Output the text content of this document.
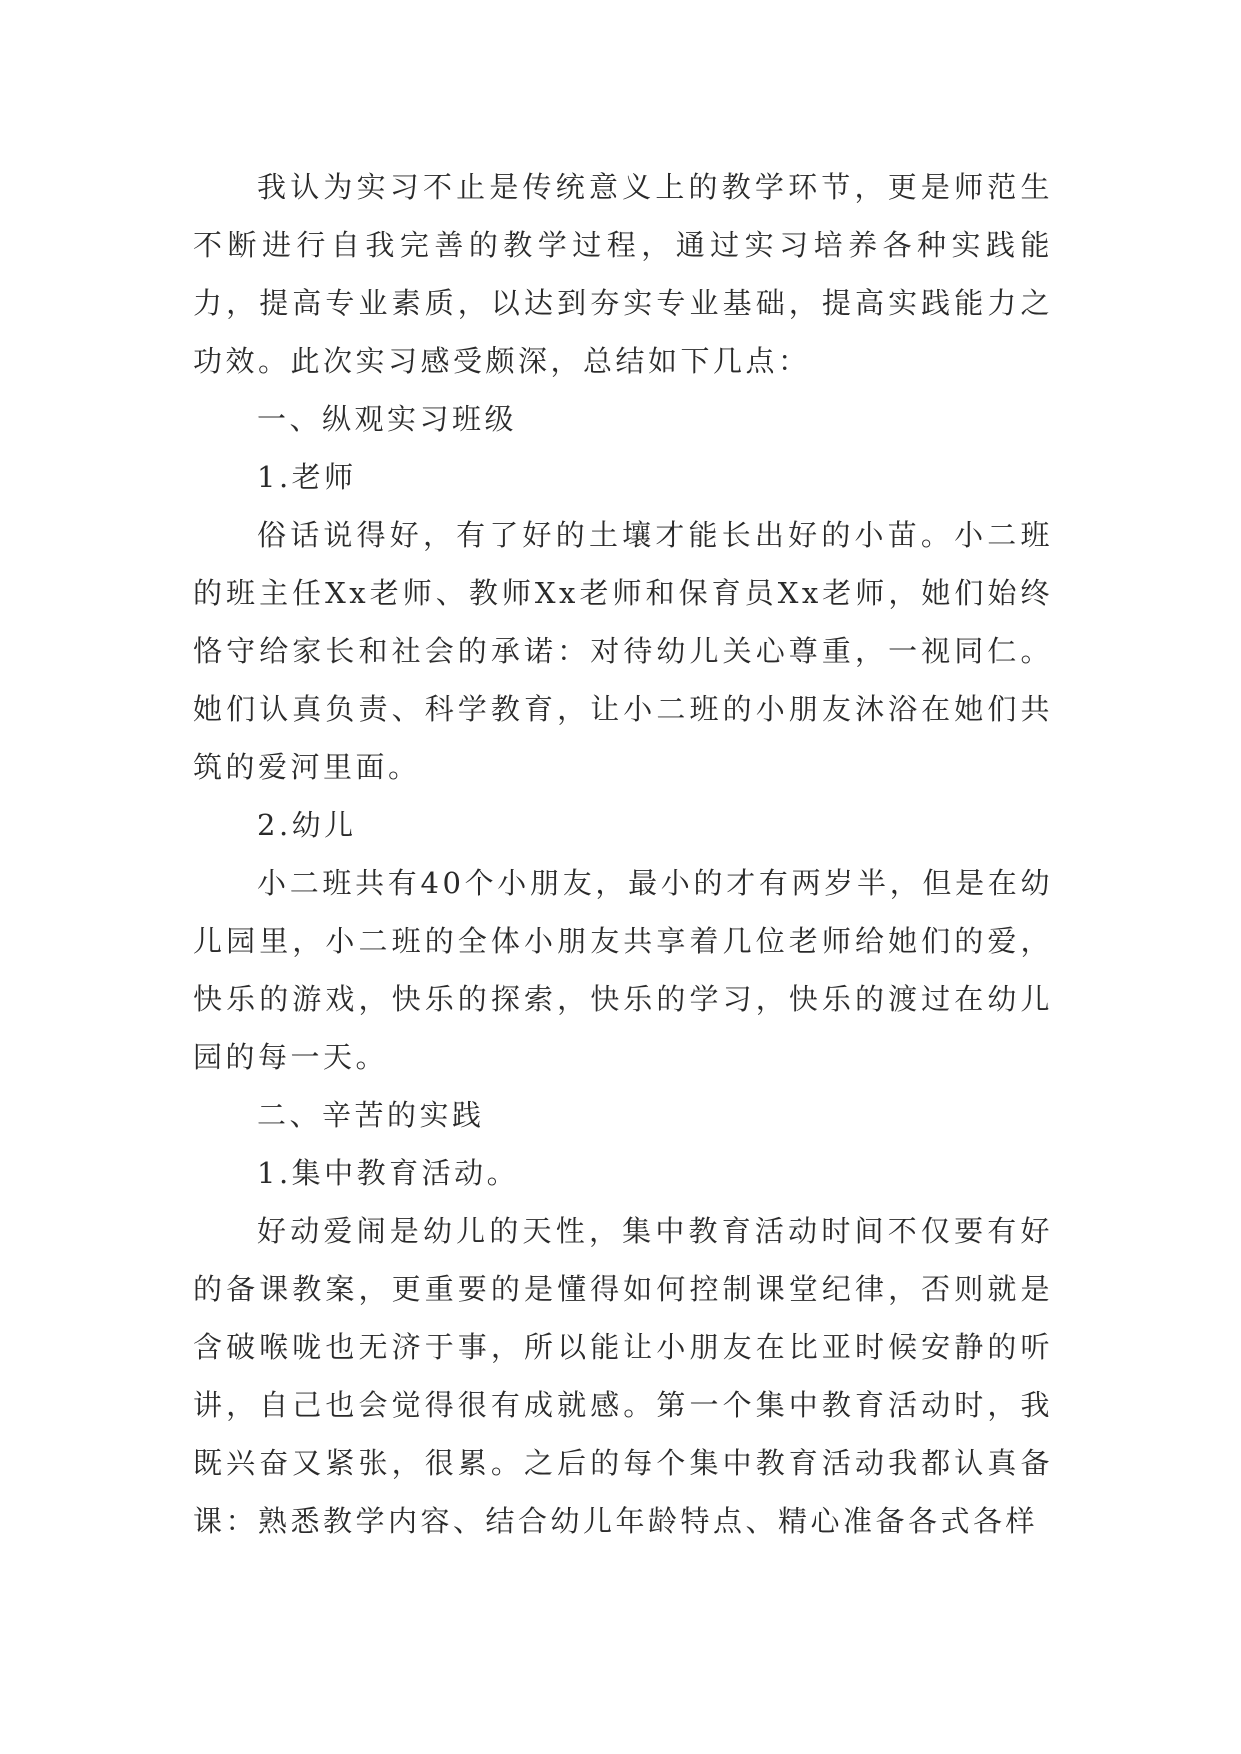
我认为实习不止是传统意义上的教学环节，更是师范生不断进行自我完善的教学过程，通过实习培养各种实践能力，提高专业素质，以达到夯实专业基础，提高实践能力之功效。此次实习感受颇深，总结如下几点：

一、纵观实习班级

1.老师

俗话说得好，有了好的土壤才能长出好的小苗。小二班的班主任Xx老师、教师Xx老师和保育员Xx老师，她们始终恪守给家长和社会的承诺：对待幼儿关心尊重，一视同仁。她们认真负责、科学教育，让小二班的小朋友沐浴在她们共筑的爱河里面。

2.幼儿

小二班共有40个小朋友，最小的才有两岁半，但是在幼儿园里，小二班的全体小朋友共享着几位老师给她们的爱，快乐的游戏，快乐的探索，快乐的学习，快乐的渡过在幼儿园的每一天。

二、辛苦的实践

1.集中教育活动。

好动爱闹是幼儿的天性，集中教育活动时间不仅要有好的备课教案，更重要的是懂得如何控制课堂纪律，否则就是含破喉咙也无济于事，所以能让小朋友在比亚时候安静的听讲，自己也会觉得很有成就感。第一个集中教育活动时，我既兴奋又紧张，很累。之后的每个集中教育活动我都认真备课：熟悉教学内容、结合幼儿年龄特点、精心准备各式各样
